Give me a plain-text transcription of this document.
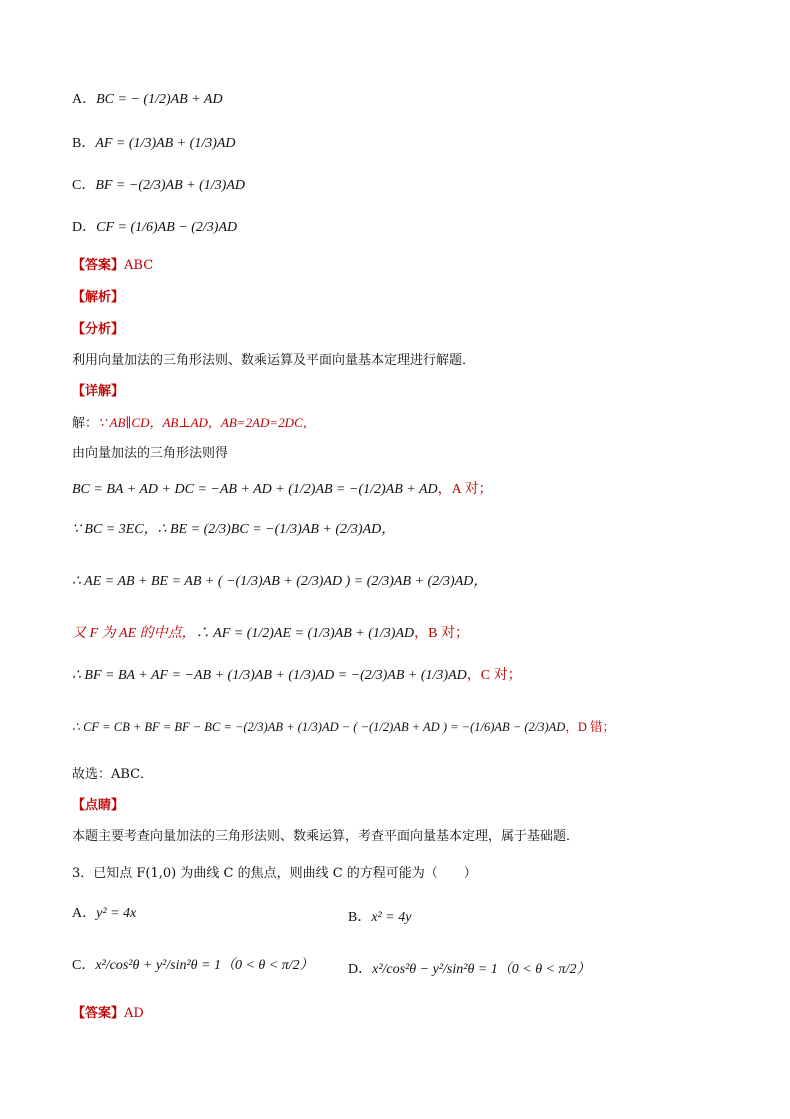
A．BC = − (1/2)AB + AD
B．AF = (1/3)AB + (1/3)AD
C．BF = −(2/3)AB + (1/3)AD
D．CF = (1/6)AB − (2/3)AD
【答案】ABC
【解析】
【分析】
利用向量加法的三角形法则、数乘运算及平面向量基本定理进行解题．
【详解】
解：∵ AB∥CD，AB⊥AD，AB=2AD=2DC，
由向量加法的三角形法则得
BC = BA + AD + DC = −AB + AD + (1/2)AB = −(1/2)AB + AD，A 对；
∵ BC = 3EC，∴ BE = (2/3)BC = −(1/3)AB + (2/3)AD，
∴ AE = AB + BE = AB + ( −(1/3)AB + (2/3)AD ) = (2/3)AB + (2/3)AD，
又 F 为 AE 的中点，∴ AF = (1/2)AE = (1/3)AB + (1/3)AD，B 对；
∴ BF = BA + AF = −AB + (1/3)AB + (1/3)AD = −(2/3)AB + (1/3)AD，C 对；
∴ CF = CB + BF = BF − BC = −(2/3)AB + (1/3)AD − ( −(1/2)AB + AD ) = −(1/6)AB − (2/3)AD，D 错；
故选：ABC．
【点睛】
本题主要考查向量加法的三角形法则、数乘运算，考查平面向量基本定理，属于基础题．
3．已知点 F(1,0) 为曲线 C 的焦点，则曲线 C 的方程可能为（　　）
A．y² = 4x	B．x² = 4y
C．x²/cos²θ + y²/sin²θ = 1（0 < θ < π/2） D．x²/cos²θ − y²/sin²θ = 1（0 < θ < π/2）
【答案】AD
